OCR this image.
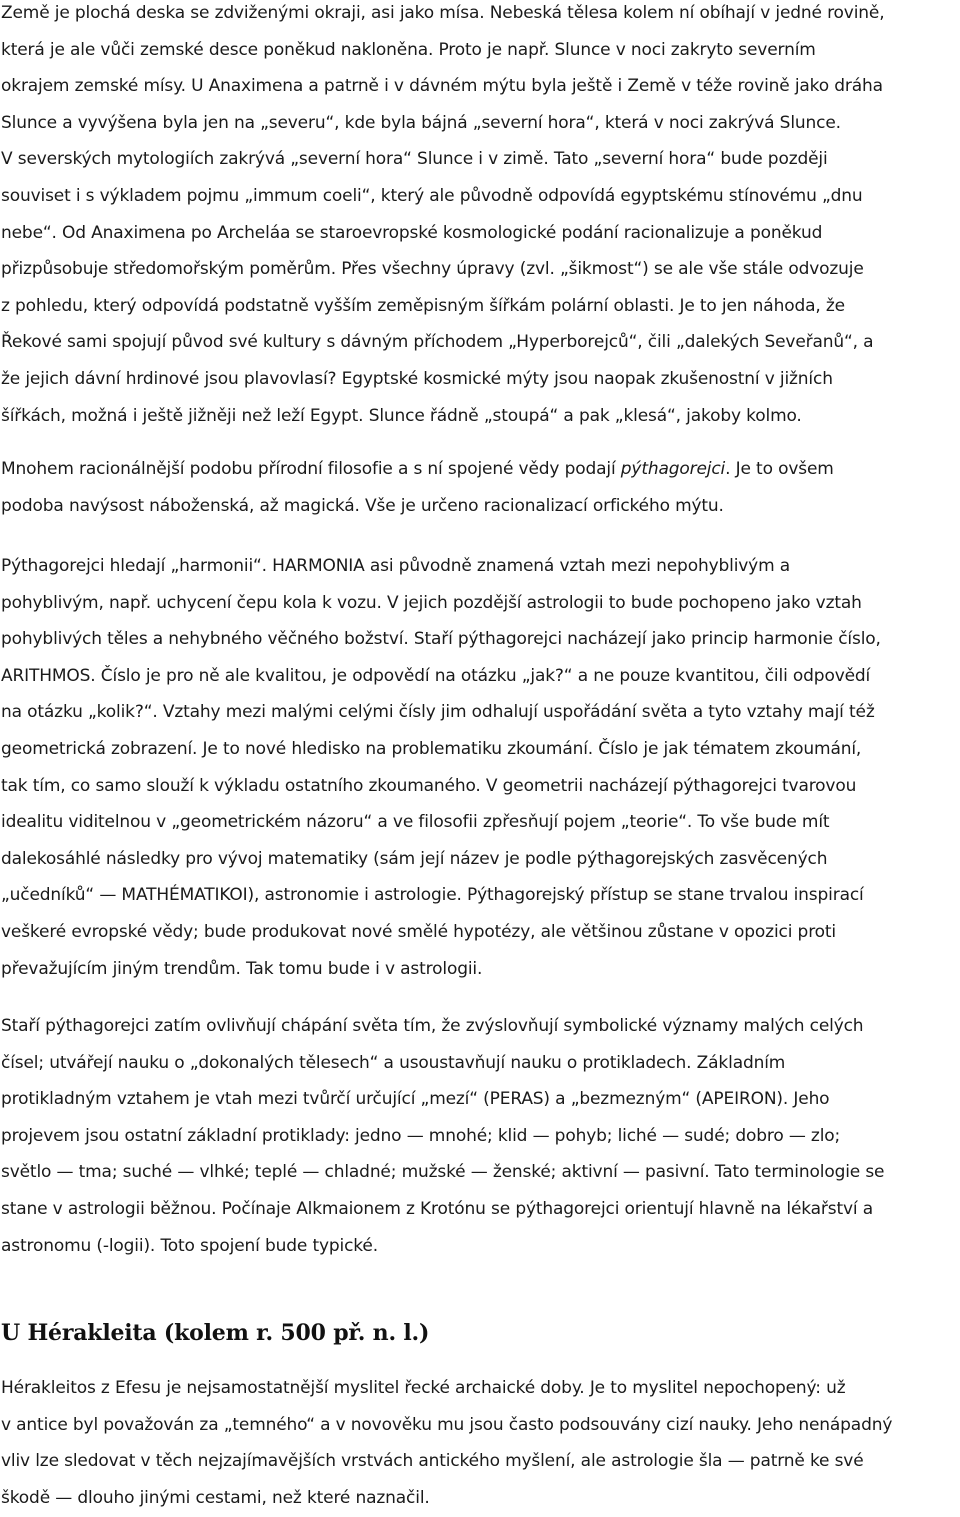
Země je plochá deska se zdviženými okraji, asi jako mísa. Nebeská tělesa kolem ní obíhají v jedné rovině,
která je ale vůči zemské desce poněkud nakloněna. Proto je např. Slunce v noci zakryto severním
okrajem zemské mísy. U Anaximena a patrně i v dávném mýtu byla ještě i Země v téže rovině jako dráha
Slunce a vyvýšena byla jen na „severu“, kde byla bájná „severní hora“, která v noci zakrývá Slunce.
V severských mytologiích zakrývá „severní hora“ Slunce i v zimě. Tato „severní hora“ bude později
souviset i s výkladem pojmu „immum coeli“, který ale původně odpovídá egyptskému stínovému „dnu
nebe“. Od Anaximena po Archeláa se staroevropské kosmologické podání racionalizuje a poněkud
přizpůsobuje středomořským poměrům. Přes všechny úpravy (zvl. „šikmost“) se ale vše stále odvozuje
z pohledu, který odpovídá podstatně vyšším zeměpisným šířkám polární oblasti. Je to jen náhoda, že
Řekové sami spojují původ své kultury s dávným příchodem „Hyperborejců“, čili „dalekých Seveřanů“, a
že jejich dávní hrdinové jsou plavovlasí? Egyptské kosmické mýty jsou naopak zkušenostní v jižních
šířkách, možná i ještě jižněji než leží Egypt. Slunce řádně „stoupá“ a pak „klesá“, jakoby kolmo.
Mnohem racionálnější podobu přírodní filosofie a s ní spojené vědy podají pýthagorejci. Je to ovšem
podoba navýsost náboženská, až magická. Vše je určeno racionalizací orfického mýtu.
Pýthagorejci hledají „harmonii“. HARMONIA asi původně znamená vztah mezi nepohyblivým a
pohyblivým, např. uchycení čepu kola k vozu. V jejich pozdější astrologii to bude pochopeno jako vztah
pohyblivých těles a nehybného věčného božství. Staří pýthagorejci nacházejí jako princip harmonie číslo,
ARITHMOS. Číslo je pro ně ale kvalitou, je odpovědí na otázku „jak?“ a ne pouze kvantitou, čili odpovědí
na otázku „kolik?“. Vztahy mezi malými celými čísly jim odhalují uspořádání světa a tyto vztahy mají též
geometrická zobrazení. Je to nové hledisko na problematiku zkoumání. Číslo je jak tématem zkoumání,
tak tím, co samo slouží k výkladu ostatního zkoumaného. V geometrii nacházejí pýthagorejci tvarovou
idealitu viditelnou v „geometrickém názoru“ a ve filosofii zpřesňují pojem „teorie“. To vše bude mít
dalekosáhlé následky pro vývoj matematiky (sám její název je podle pýthagorejských zasvěcených
„učedníků“ — MATHÉMATIKOI), astronomie i astrologie. Pýthagorejský přístup se stane trvalou inspirací
veškeré evropské vědy; bude produkovat nové smělé hypotézy, ale většinou zůstane v opozici proti
převažujícím jiným trendům. Tak tomu bude i v astrologii.
Staří pýthagorejci zatím ovlivňují chápání světa tím, že zvýslovňují symbolické významy malých celých
čísel; utvářejí nauku o „dokonalých tělesech“ a usoustavňují nauku o protikladech. Základním
protikladným vztahem je vtah mezi tvůrčí určující „mezí“ (PERAS) a „bezmezným“ (APEIRON). Jeho
projevem jsou ostatní základní protiklady: jedno — mnohé; klid — pohyb; liché — sudé; dobro — zlo;
světlo — tma; suché — vlhké; teplé — chladné; mužské — ženské; aktivní — pasivní. Tato terminologie se
stane v astrologii běžnou. Počínaje Alkmaionem z Krotónu se pýthagorejci orientují hlavně na lékařství a
astronomu (-logii). Toto spojení bude typické.
U Hérakleita (kolem r. 500 př. n. l.)
Hérakleitos z Efesu je nejsamostatnější myslitel řecké archaické doby. Je to myslitel nepochopený: už
v antice byl považován za „temného“ a v novověku mu jsou často podsouvány cizí nauky. Jeho nenápadný
vliv lze sledovat v těch nejzajímavějších vrstvách antického myšlení, ale astrologie šla — patrně ke své
škodě — dlouho jinými cestami, než které naznačil.
